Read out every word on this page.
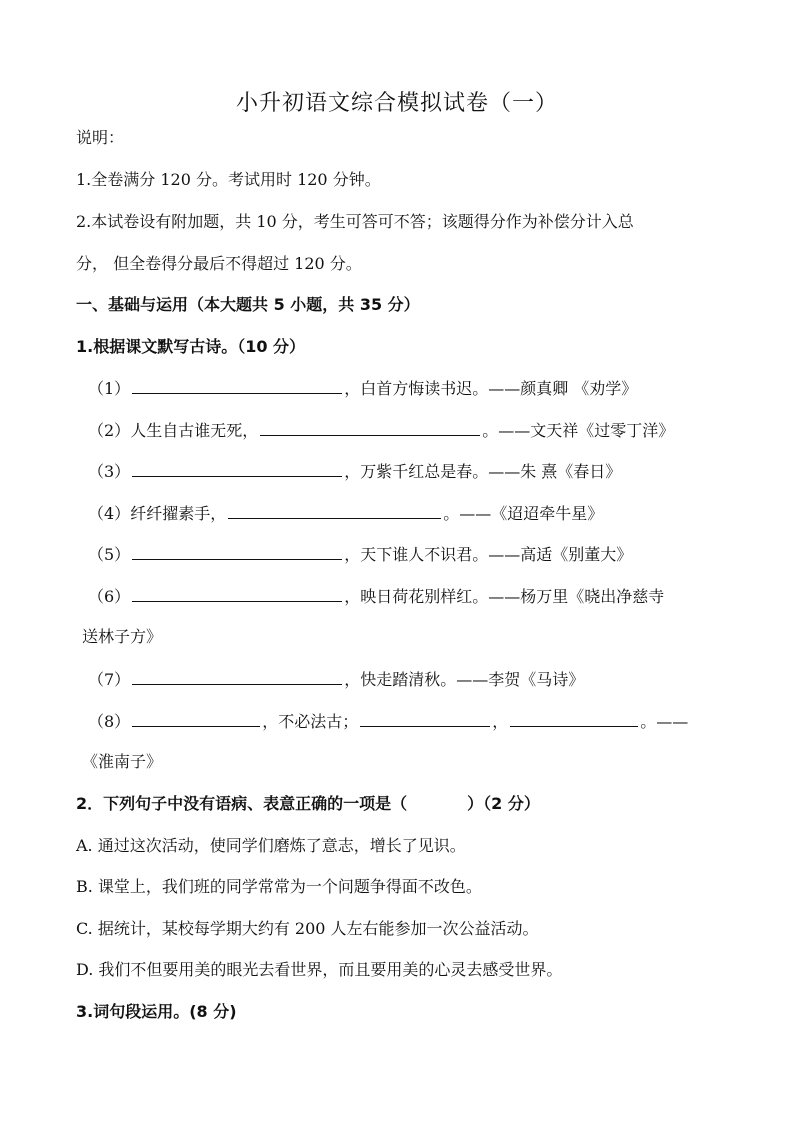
小升初语文综合模拟试卷（一）
说明：
1.全卷满分 120 分。考试用时 120 分钟。
2.本试卷设有附加题，共 10 分，考生可答可不答；该题得分作为补偿分计入总
分， 但全卷得分最后不得超过 120 分。
一、基础与运用（本大题共 5 小题，共 35 分）
1.根据课文默写古诗。（10 分）
（1）	，白首方悔读书迟。——颜真卿 《劝学》
（2）人生自古谁无死，	。——文天祥《过零丁洋》
（3）	，万紫千红总是春。——朱 熹《春日》
（4）纤纤擢素手，	。——《迢迢牵牛星》
（5）	，天下谁人不识君。——高适《别董大》
（6）	，映日荷花别样红。——杨万里《晓出净慈寺
送林子方》
（7）	，快走踏清秋。——李贺《马诗》
（8）	，不必法古；	，	。——
《淮南子》
2．下列句子中没有语病、表意正确的一项是（	）（2 分）
A. 通过这次活动，使同学们磨炼了意志，增长了见识。
B. 课堂上，我们班的同学常常为一个问题争得面不改色。
C. 据统计，某校每学期大约有 200 人左右能参加一次公益活动。
D. 我们不但要用美的眼光去看世界，而且要用美的心灵去感受世界。
3.词句段运用。(8 分)
